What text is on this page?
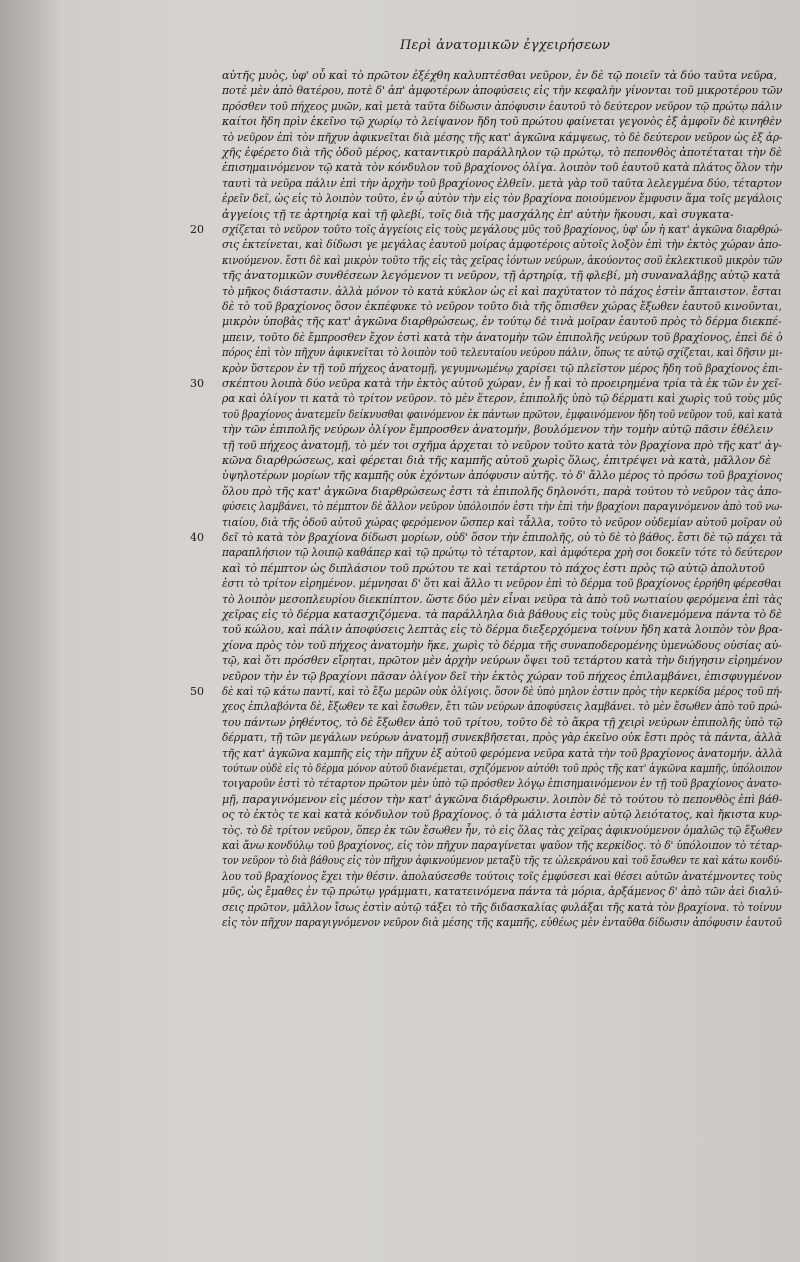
Περὶ ἀνατομικῶν ἐγχειρήσεων
20
30
40
50
αὐτῆς μυὸς, ὑφ' οὗ καὶ τὸ πρῶτον ἐξέχθη καλυπτέσθαι νεῦρον, ἐν δὲ τῷ ποιεῖν τὰ δύο ταῦτα νεῦρα,
ποτὲ μὲν ἀπὸ θατέρου, ποτὲ δ' ἀπ' ἀμφοτέρων ἀποφύσεις εἰς τὴν κεφαλὴν γίνονται τοῦ μικροτέρου τῶν
πρόσθεν τοῦ πήχεος μυῶν, καὶ μετὰ ταῦτα δίδωσιν ἀπόφυσιν ἑαυτοῦ τὸ δεύτερον νεῦρον τῷ πρώτῳ πάλιν
καίτοι ἤδη πρὶν ἐκεῖνο τῷ χωρίῳ τὸ λείψανον ἤδη τοῦ πρώτου φαίνεται γεγονὸς ἐξ ἀμφοῖν δὲ κινηθὲν
τὸ νεῦρον ἐπὶ τὸν πῆχυν ἀφικνεῖται διὰ μέσης τῆς κατ' ἀγκῶνα κάμψεως, τὸ δὲ δεύτερον νεῦρον ὡς ἐξ ἀρ-
χῆς ἐφέρετο διὰ τῆς ὁδοῦ μέρος, καταντικρὺ παράλληλον τῷ πρώτῳ, τὸ πεπονθὸς ἀποτέταται τὴν δὲ
ἐπισημαινόμενον τῷ κατὰ τὸν κόνδυλον τοῦ βραχίονος ὀλίγα. λοιπὸν τοῦ ἑαυτοῦ κατὰ πλάτος ὅλον τὴν
ταυτὶ τὰ νεῦρα πάλιν ἐπὶ τὴν ἀρχὴν τοῦ βραχίονος ἐλθεῖν. μετὰ γὰρ τοῦ ταῦτα λελεγμένα δύο, τέταρτον
ἐρεῖν δεῖ, ὡς εἰς τὸ λοιπὸν τοῦτο, ἐν ᾧ αὐτὸν τὴν εἰς τὸν βραχίονα ποιούμενον ἔμφυσιν ἅμα τοῖς μεγάλοις
ἀγγείοις τῇ τε ἀρτηρίᾳ καὶ τῇ φλεβί, τοῖς διὰ τῆς μασχάλης ἐπ' αὐτὴν ἥκουσι, καὶ συγκατα-
σχίζεται τὸ νεῦρον τοῦτο τοῖς ἀγγείοις εἰς τοὺς μεγάλους μῦς τοῦ βραχίονος, ὑφ' ὧν ἡ κατ' ἀγκῶνα διαρθρώ-
σις ἐκτείνεται, καὶ δίδωσι γε μεγάλας ἑαυτοῦ μοίρας ἀμφοτέροις αὐτοῖς λοξὸν ἐπὶ τὴν ἐκτὸς χώραν ἀπο-
κινούμενον. ἔστι δὲ καὶ μικρὸν τοῦτο τῆς εἰς τὰς χεῖρας ἰόντων νεύρων, ἀκούοντος σοῦ ἐκλεκτικοῦ μικρὸν τῶν
τῆς ἀνατομικῶν συνθέσεων λεγόμενον τι νεῦρον, τῇ ἀρτηρίᾳ, τῇ φλεβί, μὴ συναναλάβῃς αὐτῷ κατὰ
τὸ μῆκος διάστασιν. ἀλλὰ μόνον τὸ κατὰ κύκλον ὡς εἰ καὶ παχύτατον τὸ πάχος ἐστὶν ἄπταιστον. ἔσται
δὲ τὸ τοῦ βραχίονος ὅσον ἐκπέφυκε τὸ νεῦρον τοῦτο διὰ τῆς ὅπισθεν χώρας ἔξωθεν ἑαυτοῦ κινοῦνται,
μικρὸν ὑποβὰς τῆς κατ' ἀγκῶνα διαρθρώσεως, ἐν τούτῳ δὲ τινὰ μοῖραν ἑαυτοῦ πρὸς τὸ δέρμα διεκπέ-
μπειν, τοῦτο δὲ ἔμπροσθεν ἔχον ἐστὶ κατὰ τὴν ἀνατομὴν τῶν ἐπιπολῆς νεύρων τοῦ βραχίονος, ἐπεὶ δὲ ὁ
πόρος ἐπὶ τὸν πῆχυν ἀφικνεῖται τὸ λοιπὸν τοῦ τελευταίου νεύρου πάλιν, ὅπως τε αὐτῷ σχίζεται, καὶ δῆσιν μι-
κρὸν ὕστερον ἐν τῇ τοῦ πήχεος ἀνατομῇ, γεγυμνωμένῳ χαρίσει τῷ πλεῖστον μέρος ἤδη τοῦ βραχίονος ἐπι-
σκέπτου λοιπὰ δύο νεῦρα κατὰ τὴν ἐκτὸς αὐτοῦ χώραν, ἐν ᾗ καὶ τὸ προειρημένα τρία τὰ ἐκ τῶν ἐν χεῖ-
ρα καὶ ὀλίγον τι κατὰ τὸ τρίτον νεῦρον. τὸ μὲν ἕτερον, ἐπιπολῆς ὑπὸ τῷ δέρματι καὶ χωρὶς τοῦ τοὺς μῦς
τοῦ βραχίονος ἀνατεμεῖν δείκνυσθαι φαινόμενον ἐκ πάντων πρῶτον, ἐμφαινόμενον ἤδη τοῦ νεῦρον τοῦ, καὶ κατὰ
τὴν τῶν ἐπιπολῆς νεύρων ὀλίγον ἔμπροσθεν ἀνατομήν, βουλόμενον τὴν τομὴν αὐτῷ πᾶσιν ἐθέλειν
τῇ τοῦ πήχεος ἀνατομῇ, τὸ μέν τοι σχῆμα ἀρχεται τὸ νεῦρον τοῦτο κατὰ τὸν βραχίονα πρὸ τῆς κατ' ἀγ-
κῶνα διαρθρώσεως, καὶ φέρεται διὰ τῆς καμπῆς αὐτοῦ χωρὶς ὅλως, ἐπιτρέψει νὰ κατὰ, μᾶλλον δὲ
ὑψηλοτέρων μορίων τῆς καμπῆς οὐκ ἐχόντων ἀπόφυσιν αὐτῆς. τὸ δ' ἄλλο μέρος τὸ πρόσω τοῦ βραχίονος
ὅλου πρὸ τῆς κατ' ἀγκῶνα διαρθρώσεως ἐστι τὰ ἐπιπολῆς δηλονότι, παρὰ τούτου τὸ νεῦρον τὰς ἀπο-
φύσεις λαμβάνει, τὸ πέμπτον δὲ ἄλλον νεῦρον ὑπόλοιπόν ἐστι τὴν ἐπὶ τὴν βραχίονι παραγινόμενον ἀπὸ τοῦ νω-
τιαίου, διὰ τῆς ὁδοῦ αὐτοῦ χώρας φερόμενον ὥσπερ καὶ τἆλλα, τοῦτο τὸ νεῦρον οὐδεμίαν αὐτοῦ μοῖραν οὐ
δεῖ τὸ κατὰ τὸν βραχίονα δίδωσι μορίων, οὐδ' ὅσον τὴν ἐπιπολῆς, οὐ τὸ δὲ τὸ βάθος. ἔστι δὲ τῷ πάχει τὰ
παραπλήσιον τῷ λοιπῷ καθάπερ καὶ τῷ πρώτῳ τὸ τέταρτον, καὶ ἀμφότερα χρὴ σοι δοκεῖν τότε τὸ δεύτερον
καὶ τὸ πέμπτον ὡς διπλάσιον τοῦ πρώτου τε καὶ τετάρτου τὸ πάχος ἐστι πρὸς τῷ αὐτῷ ἀπολυτοῦ
ἐστι τὸ τρίτον εἰρημένον. μέμνησαι δ' ὅτι καὶ ἄλλο τι νεῦρον ἐπὶ τὸ δέρμα τοῦ βραχίονος ἐρρήθη φέρεσθαι
τὸ λοιπὸν μεσοπλευρίου διεκπίπτον. ὥστε δύο μὲν εἶναι νεῦρα τὰ ἀπὸ τοῦ νωτιαίου φερόμενα ἐπὶ τὰς
χεῖρας εἰς τὸ δέρμα κατασχιζόμενα. τὰ παράλληλα διὰ βάθους εἰς τοὺς μῦς διανεμόμενα πάντα τὸ δὲ
τοῦ κώλου, καὶ πάλιν ἀποφύσεις λεπτὰς εἰς τὸ δέρμα διεξερχόμενα τοίνυν ἤδη κατὰ λοιπὸν τὸν βρα-
χίονα πρὸς τὸν τοῦ πήχεος ἀνατομὴν ἥκε, χωρὶς τὸ δέρμα τῆς συναποδερομένης ὑμενώδους οὐσίας αὐ-
τῷ, καὶ ὅτι πρόσθεν εἴρηται, πρῶτον μὲν ἀρχὴν νεύρων ὄψει τοῦ τετάρτου κατὰ τὴν διήγησιν εἰρημένον
νεῦρον τὴν ἐν τῷ βραχίονι πᾶσαν ὀλίγον δεῖ τὴν ἐκτὸς χώραν τοῦ πήχεος ἐπιλαμβάνει, ἐπισφυγμένον
δὲ καὶ τῷ κάτω παντί, καὶ τὸ ἔξω μερῶν οὐκ ὀλίγοις. ὅσον δὲ ὑπὸ μηλον ἐστιν πρὸς τὴν κερκίδα μέρος τοῦ πή-
χεος ἐπιλαβόντα δὲ, ἔξωθεν τε καὶ ἔσωθεν, ἔτι τῶν νεύρων ἀποφύσεις λαμβάνει. τὸ μὲν ἔσωθεν ἀπὸ τοῦ πρώ-
του πάντων ῥηθέντος, τὸ δὲ ἔξωθεν ἀπὸ τοῦ τρίτου, τοῦτο δὲ τὸ ἄκρα τῇ χειρὶ νεύρων ἐπιπολῆς ὑπὸ τῷ
δέρματι, τῇ τῶν μεγάλων νεύρων ἀνατομῇ συνεκβῆσεται, πρὸς γὰρ ἐκεῖνο οὐκ ἔστι πρὸς τὰ πάντα, ἀλλὰ
τῆς κατ' ἀγκῶνα καμπῆς εἰς τὴν πῆχυν ἐξ αὐτοῦ φερόμενα νεῦρα κατὰ τὴν τοῦ βραχίονος ἀνατομήν. ἀλλὰ
τούτων οὐδὲ εἰς τὸ δέρμα μόνον αὐτοῦ διανέμεται, σχιζόμενον αὐτόθι τοῦ πρὸς τῆς κατ' ἀγκῶνα καμπῆς, ὑπόλοιπον
τοιγαροῦν ἐστὶ τὸ τέταρτον πρῶτον μὲν ὑπὸ τῷ πρόσθεν λόγῳ ἐπισημαινόμενον ἐν τῇ τοῦ βραχίονος ἀνατο-
μῇ, παραγινόμενον εἰς μέσον τὴν κατ' ἀγκῶνα διάρθρωσιν. λοιπὸν δὲ τὸ τούτου τὸ πεπονθὸς ἐπὶ βάθ-
ος τὸ ἐκτὸς τε καὶ κατὰ κόνδυλον τοῦ βραχίονος. ὁ τὰ μάλιστα ἐστὶν αὐτῷ λειότατος, καὶ ἤκιστα κυρ-
τὸς. τὸ δὲ τρίτον νεῦρον, ὅπερ ἐκ τῶν ἔσωθεν ἦν, τὸ εἰς ὅλας τὰς χεῖρας ἀφικνούμενον ὁμαλῶς τῷ ἔξωθεν
καὶ ἄνω κονδύλῳ τοῦ βραχίονος, εἰς τὸν πῆχυν παραγίνεται ψαῦον τῆς κερκίδος. τὸ δ' ὑπόλοιπον τὸ τέταρ-
τον νεῦρον τὸ διὰ βάθους εἰς τὸν πῆχυν ἀφικνούμενον μεταξὺ τῆς τε ὠλεκράνου καὶ τοῦ ἔσωθεν τε καὶ κάτω κονδύ-
λου τοῦ βραχίονος ἔχει τὴν θέσιν. ἀπολαύσεσθε τούτοις τοῖς ἐμφύσεσι καὶ θέσει αὐτῶν ἀνατέμνοντες τοὺς
μῦς, ὡς ἔμαθες ἐν τῷ πρώτῳ γράμματι, κατατεινόμενα πάντα τὰ μόρια, ἀρξάμενος δ' ἀπὸ τῶν ἀεὶ διαλύ-
σεις πρῶτον, μᾶλλον ἴσως ἐστὶν αὐτῷ τάξει τὸ τῆς διδασκαλίας φυλάξαι τῆς κατὰ τὸν βραχίονα. τὸ τοίνυν
εἰς τὸν πῆχυν παραγιγνόμενον νεῦρον διὰ μέσης τῆς καμπῆς, εὐθέως μὲν ἐνταῦθα δίδωσιν ἀπόφυσιν ἑαυτοῦ
